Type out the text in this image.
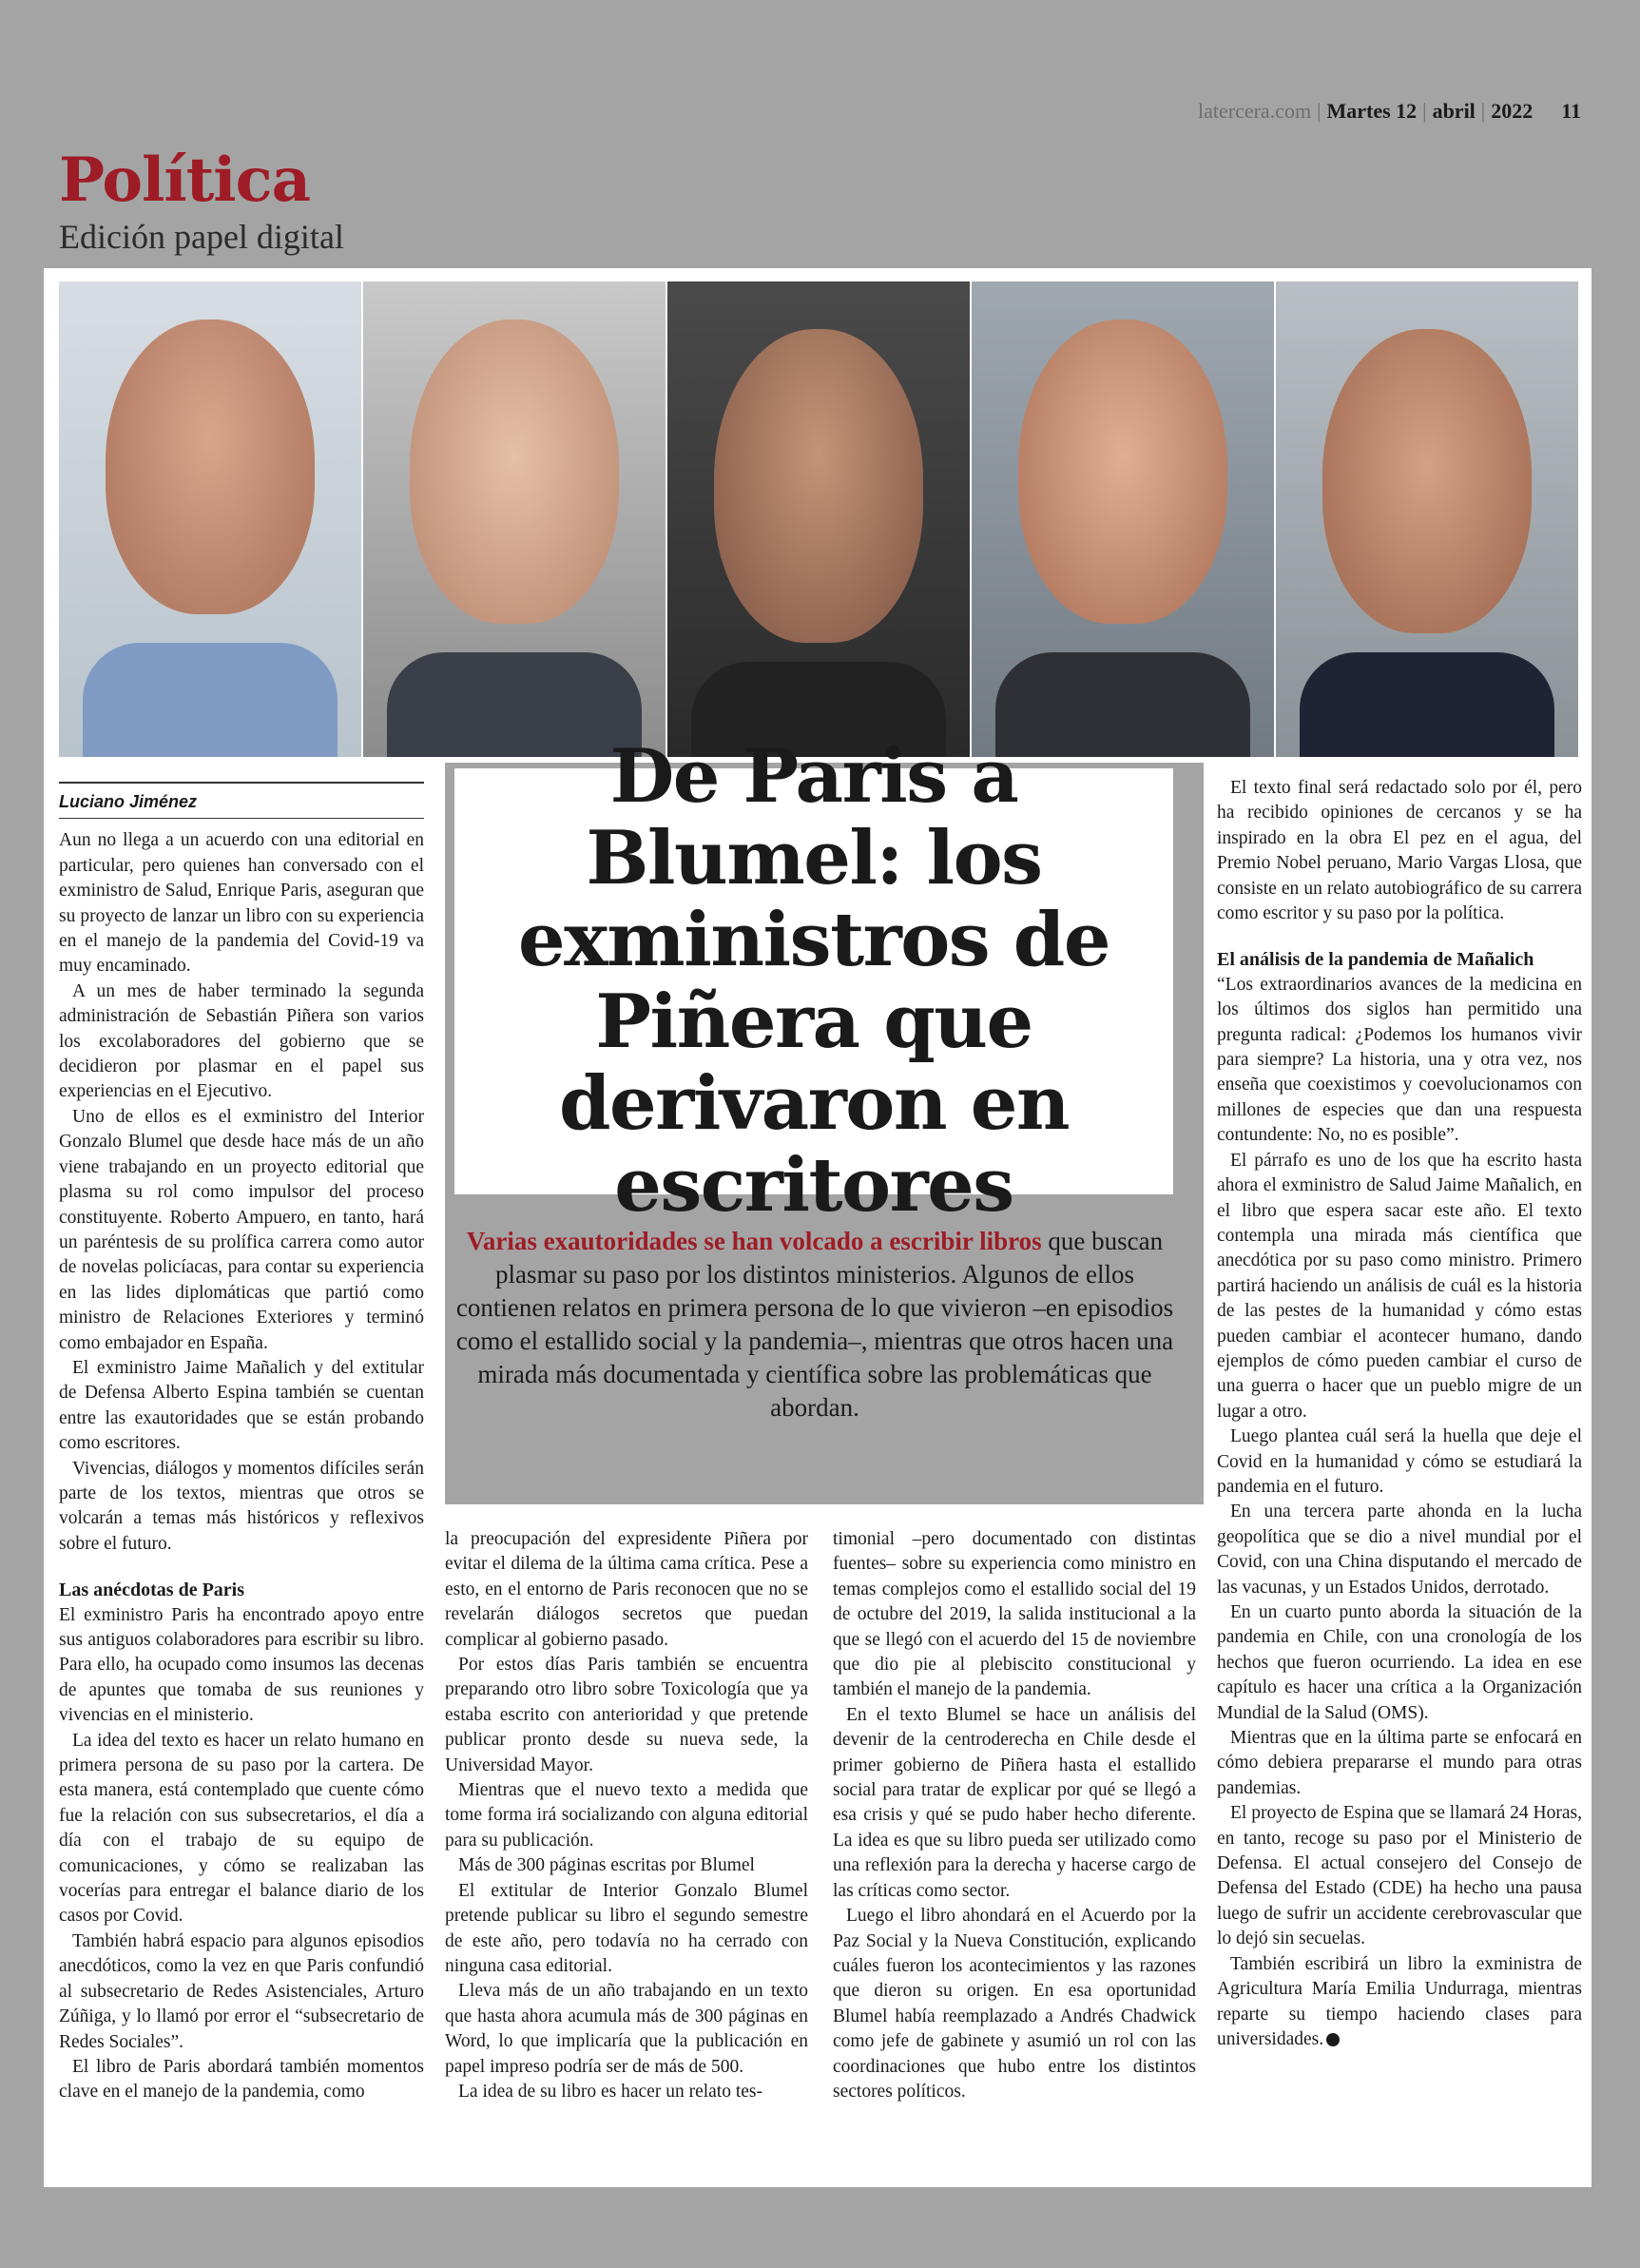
latercera.com | Martes 12 | abril | 2022 11
Política
Edición papel digital
Luciano Jiménez

Aun no llega a un acuerdo con una editorial en particular, pero quienes han conversado con el exministro de Salud, Enrique Paris, aseguran que su proyecto de lanzar un libro con su experiencia en el manejo de la pandemia del Covid-19 va muy encaminado.

A un mes de haber terminado la segunda administración de Sebastián Piñera son varios los excolaboradores del gobierno que se decidieron por plasmar en el papel sus experiencias en el Ejecutivo.

Uno de ellos es el exministro del Interior Gonzalo Blumel que desde hace más de un año viene trabajando en un proyecto editorial que plasma su rol como impulsor del proceso constituyente. Roberto Ampuero, en tanto, hará un paréntesis de su prolífica carrera como autor de novelas policíacas, para contar su experiencia en las lides diplomáticas que partió como ministro de Relaciones Exteriores y terminó como embajador en España.

El exministro Jaime Mañalich y del extitular de Defensa Alberto Espina también se cuentan entre las exautoridades que se están probando como escritores.

Vivencias, diálogos y momentos difíciles serán parte de los textos, mientras que otros se volcarán a temas más históricos y reflexivos sobre el futuro.

Las anécdotas de Paris

El exministro Paris ha encontrado apoyo entre sus antiguos colaboradores para escribir su libro. Para ello, ha ocupado como insumos las decenas de apuntes que tomaba de sus reuniones y vivencias en el ministerio.

La idea del texto es hacer un relato humano en primera persona de su paso por la cartera. De esta manera, está contemplado que cuente cómo fue la relación con sus subsecretarios, el día a día con el trabajo de su equipo de comunicaciones, y cómo se realizaban las vocerías para entregar el balance diario de los casos por Covid.

También habrá espacio para algunos episodios anecdóticos, como la vez en que Paris confundió al subsecretario de Redes Asistenciales, Arturo Zúñiga, y lo llamó por error el “subsecretario de Redes Sociales”.

El libro de Paris abordará también momentos clave en el manejo de la pandemia, como

De Paris a Blumel: los exministros de Piñera que derivaron en escritores
Varias exautoridades se han volcado a escribir libros que buscan plasmar su paso por los distintos ministerios. Algunos de ellos contienen relatos en primera persona de lo que vivieron –en episodios como el estallido social y la pandemia–, mientras que otros hacen una mirada más documentada y científica sobre las problemáticas que abordan.

la preocupación del expresidente Piñera por evitar el dilema de la última cama crítica. Pese a esto, en el entorno de Paris reconocen que no se revelarán diálogos secretos que puedan complicar al gobierno pasado.

Por estos días Paris también se encuentra preparando otro libro sobre Toxicología que ya estaba escrito con anterioridad y que pretende publicar pronto desde su nueva sede, la Universidad Mayor.

Mientras que el nuevo texto a medida que tome forma irá socializando con alguna editorial para su publicación.

Más de 300 páginas escritas por Blumel

El extitular de Interior Gonzalo Blumel pretende publicar su libro el segundo semestre de este año, pero todavía no ha cerrado con ninguna casa editorial.

Lleva más de un año trabajando en un texto que hasta ahora acumula más de 300 páginas en Word, lo que implicaría que la publicación en papel impreso podría ser de más de 500.

La idea de su libro es hacer un relato tes-

timonial –pero documentado con distintas fuentes– sobre su experiencia como ministro en temas complejos como el estallido social del 19 de octubre del 2019, la salida institucional a la que se llegó con el acuerdo del 15 de noviembre que dio pie al plebiscito constitucional y también el manejo de la pandemia.

En el texto Blumel se hace un análisis del devenir de la centroderecha en Chile desde el primer gobierno de Piñera hasta el estallido social para tratar de explicar por qué se llegó a esa crisis y qué se pudo haber hecho diferente. La idea es que su libro pueda ser utilizado como una reflexión para la derecha y hacerse cargo de las críticas como sector.

Luego el libro ahondará en el Acuerdo por la Paz Social y la Nueva Constitución, explicando cuáles fueron los acontecimientos y las razones que dieron su origen. En esa oportunidad Blumel había reemplazado a Andrés Chadwick como jefe de gabinete y asumió un rol con las coordinaciones que hubo entre los distintos sectores políticos.

El texto final será redactado solo por él, pero ha recibido opiniones de cercanos y se ha inspirado en la obra El pez en el agua, del Premio Nobel peruano, Mario Vargas Llosa, que consiste en un relato autobiográfico de su carrera como escritor y su paso por la política.

El análisis de la pandemia de Mañalich

“Los extraordinarios avances de la medicina en los últimos dos siglos han permitido una pregunta radical: ¿Podemos los humanos vivir para siempre? La historia, una y otra vez, nos enseña que coexistimos y coevolucionamos con millones de especies que dan una respuesta contundente: No, no es posible”.

El párrafo es uno de los que ha escrito hasta ahora el exministro de Salud Jaime Mañalich, en el libro que espera sacar este año. El texto contempla una mirada más científica que anecdótica por su paso como ministro. Primero partirá haciendo un análisis de cuál es la historia de las pestes de la humanidad y cómo estas pueden cambiar el acontecer humano, dando ejemplos de cómo pueden cambiar el curso de una guerra o hacer que un pueblo migre de un lugar a otro.

Luego plantea cuál será la huella que deje el Covid en la humanidad y cómo se estudiará la pandemia en el futuro.

En una tercera parte ahonda en la lucha geopolítica que se dio a nivel mundial por el Covid, con una China disputando el mercado de las vacunas, y un Estados Unidos, derrotado.

En un cuarto punto aborda la situación de la pandemia en Chile, con una cronología de los hechos que fueron ocurriendo. La idea en ese capítulo es hacer una crítica a la Organización Mundial de la Salud (OMS).

Mientras que en la última parte se enfocará en cómo debiera prepararse el mundo para otras pandemias.

El proyecto de Espina que se llamará 24 Horas, en tanto, recoge su paso por el Ministerio de Defensa. El actual consejero del Consejo de Defensa del Estado (CDE) ha hecho una pausa luego de sufrir un accidente cerebrovascular que lo dejó sin secuelas.

También escribirá un libro la exministra de Agricultura María Emilia Undurraga, mientras reparte su tiempo haciendo clases para universidades.
